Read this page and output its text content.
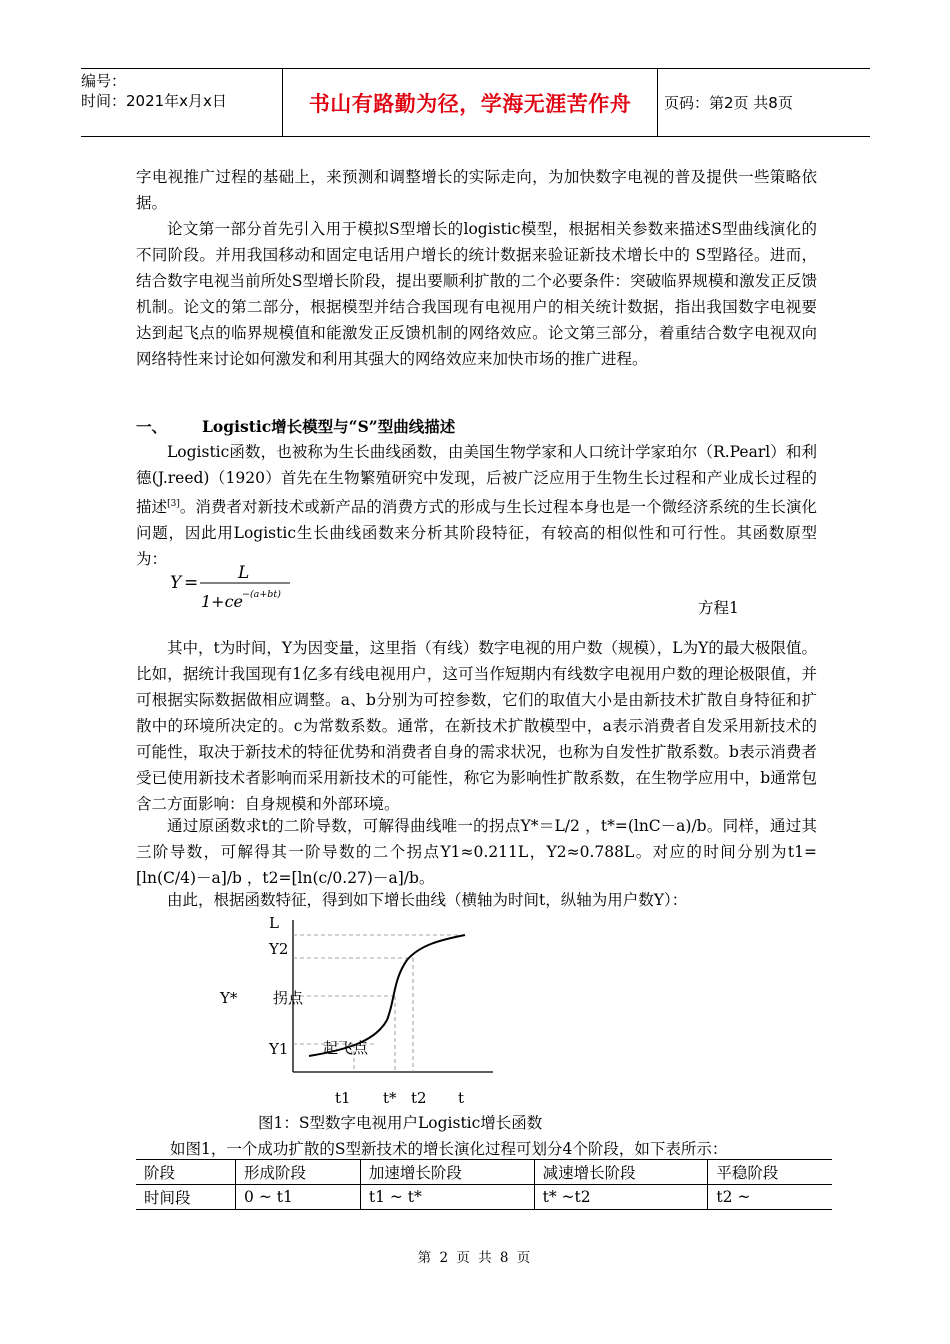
编号：
时间：2021年x月x日	书山有路勤为径，学海无涯苦作舟	页码：第2页 共8页
字电视推广过程的基础上，来预测和调整增长的实际走向，为加快数字电视的普及提供一些策略依据。
论文第一部分首先引入用于模拟S型增长的logistic模型，根据相关参数来描述S型曲线演化的不同阶段。并用我国移动和固定电话用户增长的统计数据来验证新技术增长中的 S型路径。进而，结合数字电视当前所处S型增长阶段，提出要顺利扩散的二个必要条件：突破临界规模和激发正反馈机制。论文的第二部分，根据模型并结合我国现有电视用户的相关统计数据，指出我国数字电视要达到起飞点的临界规模值和能激发正反馈机制的网络效应。论文第三部分，着重结合数字电视双向网络特性来讨论如何激发和利用其强大的网络效应来加快市场的推广进程。
一、 Logistic增长模型与“S”型曲线描述
Logistic函数，也被称为生长曲线函数，由美国生物学家和人口统计学家珀尔（R.Pearl）和利德(J.reed)（1920）首先在生物繁殖研究中发现，后被广泛应用于生物生长过程和产业成长过程的描述[3]。消费者对新技术或新产品的消费方式的形成与生长过程本身也是一个微经济系统的生长演化问题，因此用Logistic生长曲线函数来分析其阶段特征，有较高的相似性和可行性。其函数原型为：
Y = L
1+ce
−(a+bt)
方程1
其中，t为时间，Y为因变量，这里指（有线）数字电视的用户数（规模），L为Y的最大极限值。比如，据统计我国现有1亿多有线电视用户，这可当作短期内有线数字电视用户数的理论极限值，并可根据实际数据做相应调整。a、b分别为可控参数，它们的取值大小是由新技术扩散自身特征和扩散中的环境所决定的。c为常数系数。通常，在新技术扩散模型中，a表示消费者自发采用新技术的可能性，取决于新技术的特征优势和消费者自身的需求状况，也称为自发性扩散系数。b表示消费者受已使用新技术者影响而采用新技术的可能性，称它为影响性扩散系数，在生物学应用中，b通常包含二方面影响：自身规模和外部环境。
通过原函数求t的二阶导数，可解得曲线唯一的拐点Y*＝L/2 ，t*=(lnC－a)/b。同样，通过其三阶导数，可解得其一阶导数的二个拐点Y1≈0.211L，Y2≈0.788L。对应的时间分别为t1=[ln(C/4)－a]/b ，t2=[ln(c/0.27)－a]/b。
由此，根据函数特征，得到如下增长曲线（横轴为时间t，纵轴为用户数Y）：
L
Y2
Y* 拐点
Y1 起飞点
t1 t* t2 t
图1：S型数字电视用户Logistic增长函数
如图1，一个成功扩散的S型新技术的增长演化过程可划分4个阶段，如下表所示：
阶段	形成阶段	加速增长阶段	减速增长阶段	平稳阶段
时间段	0 ~ t1	t1 ~ t*	t* ~t2	t2 ~
第 2 页 共 8 页
